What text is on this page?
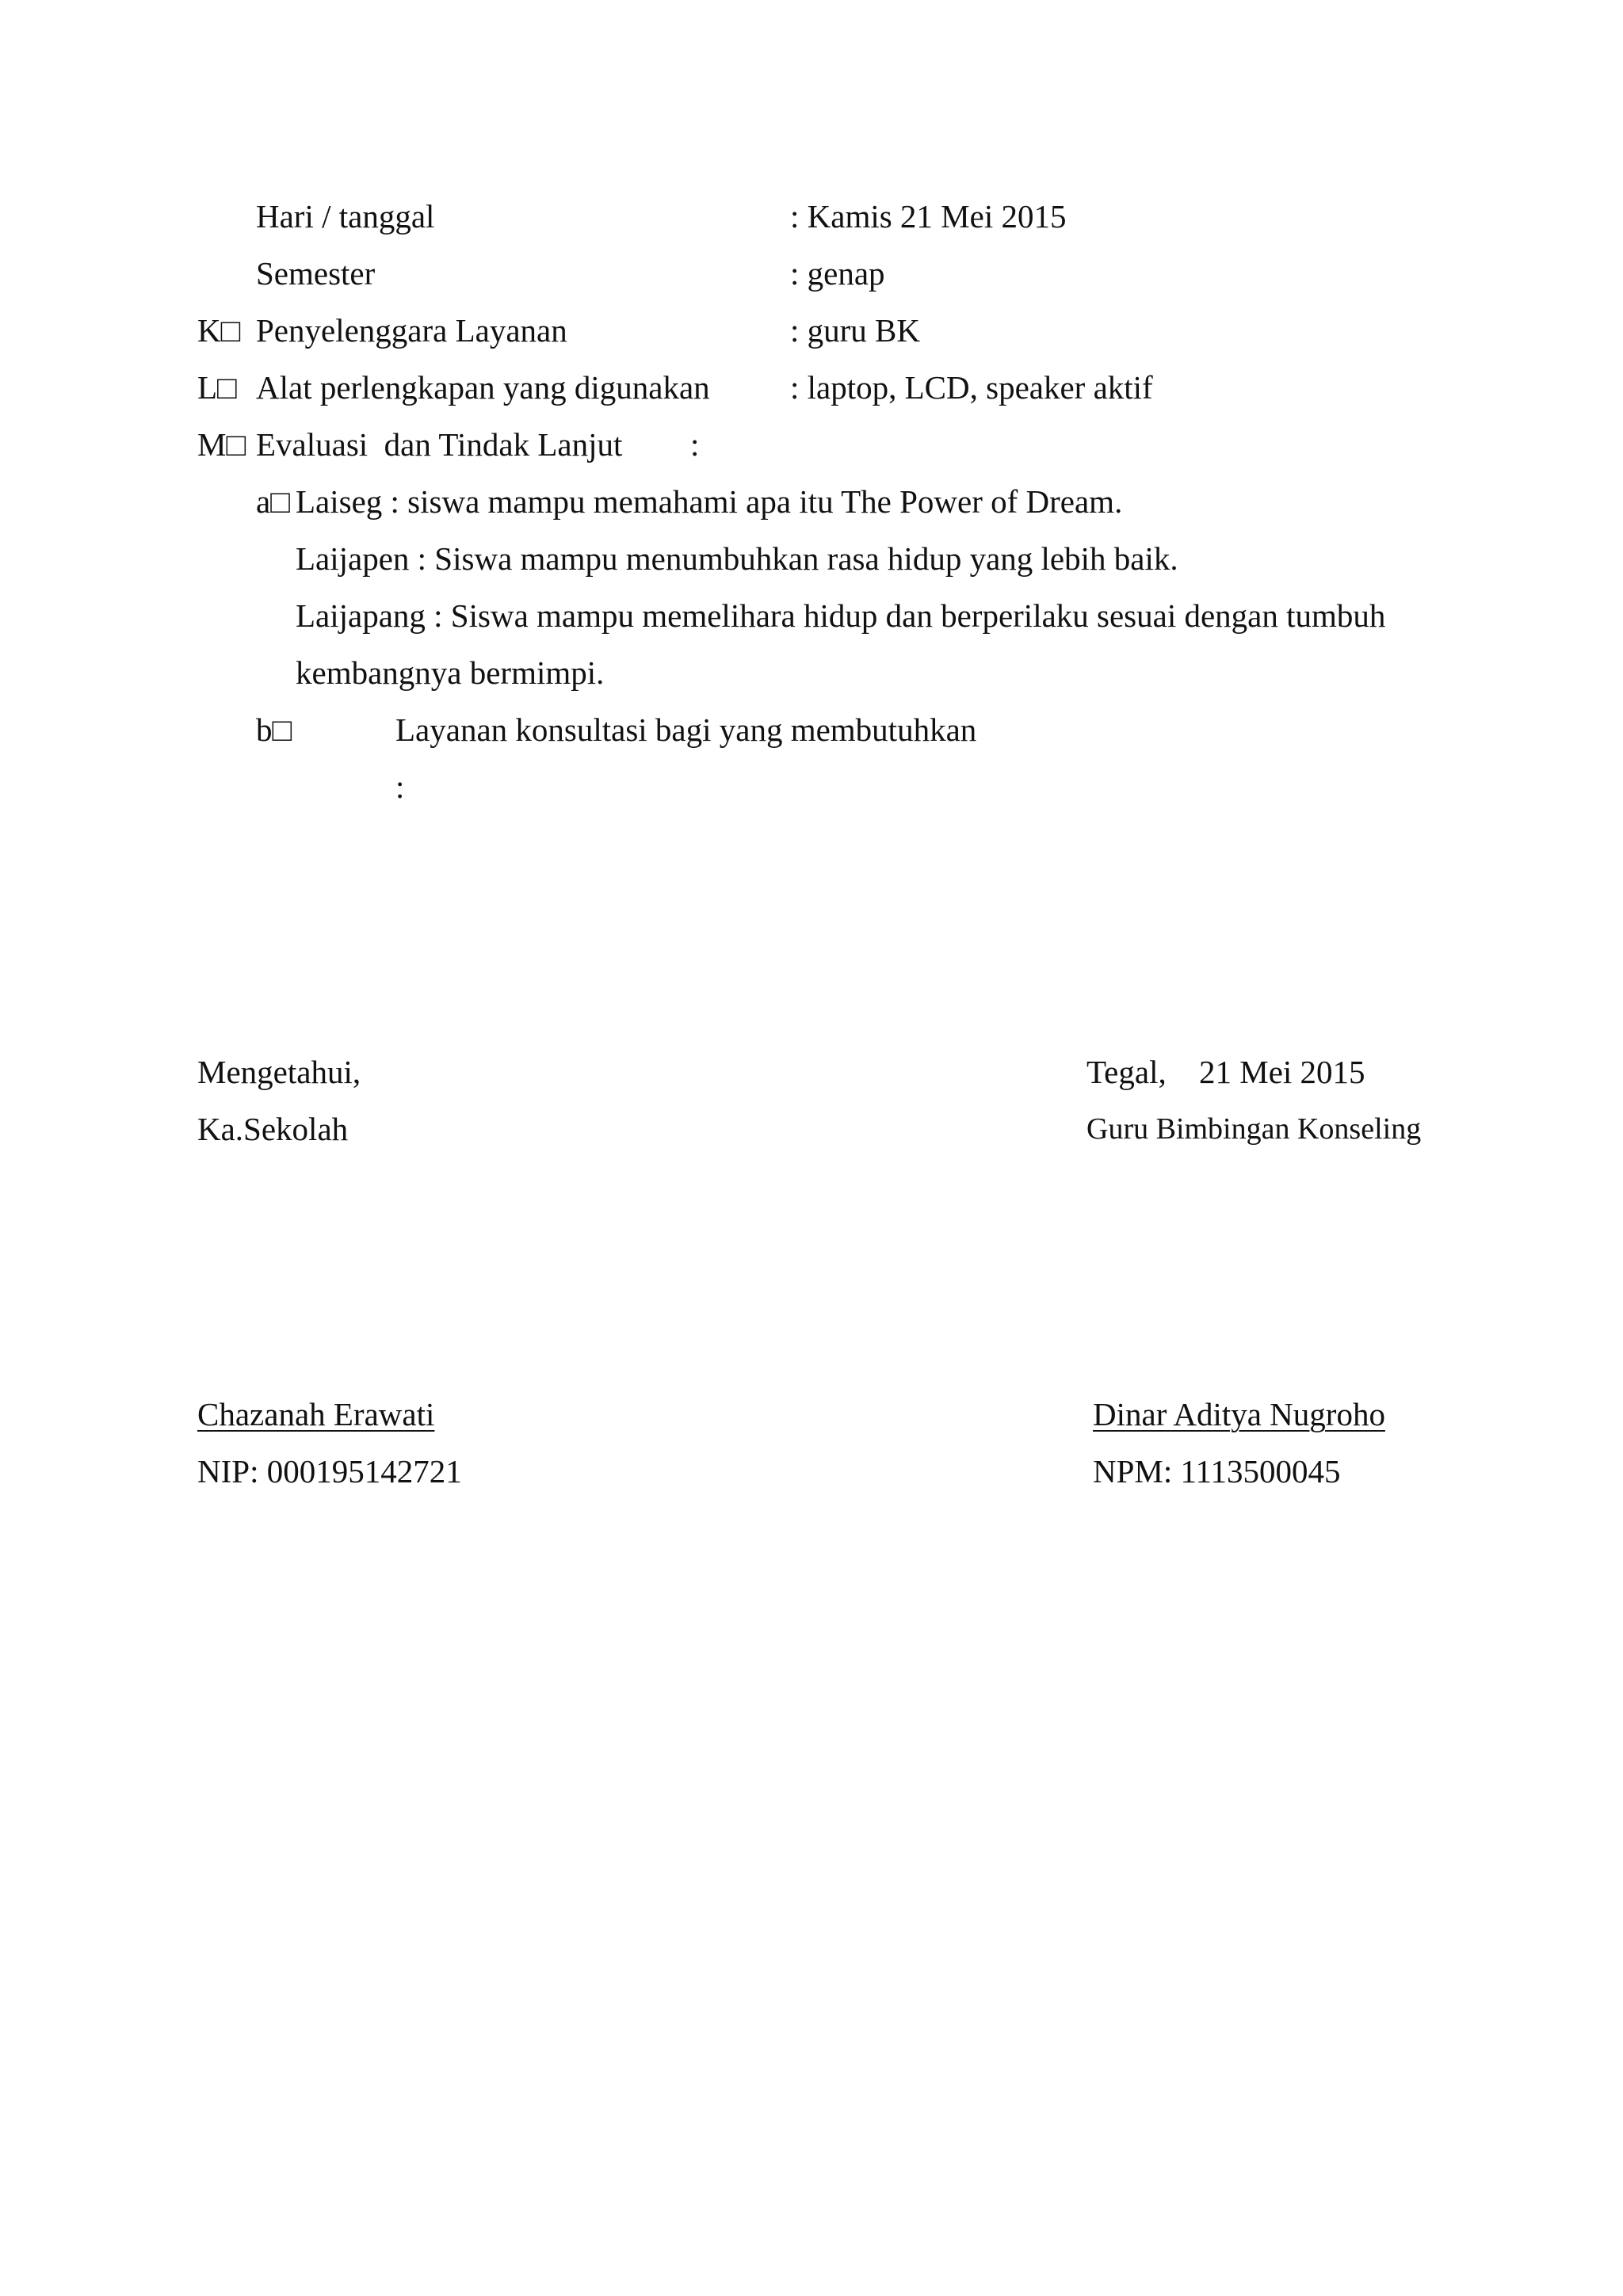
Hari / tanggal	: Kamis 21 Mei 2015
Semester	: genap
K□ Penyelenggara Layanan	: guru BK
L□ Alat perlengkapan yang digunakan : laptop, LCD, speaker aktif
M□ Evaluasi  dan Tindak Lanjut :
a□ Laiseg : siswa mampu memahami apa itu The Power of Dream.
Laijapen : Siswa mampu menumbuhkan rasa hidup yang lebih baik.
Laijapang : Siswa mampu memelihara hidup dan berperilaku sesuai dengan tumbuh
kembangnya bermimpi.
b□	Layanan konsultasi bagi yang membutuhkan
:
Mengetahui,
Ka.Sekolah
Chazanah Erawati
NIP: 000195142721
Tegal, 21 Mei 2015
Guru Bimbingan Konseling
Dinar Aditya Nugroho
NPM: 1113500045
